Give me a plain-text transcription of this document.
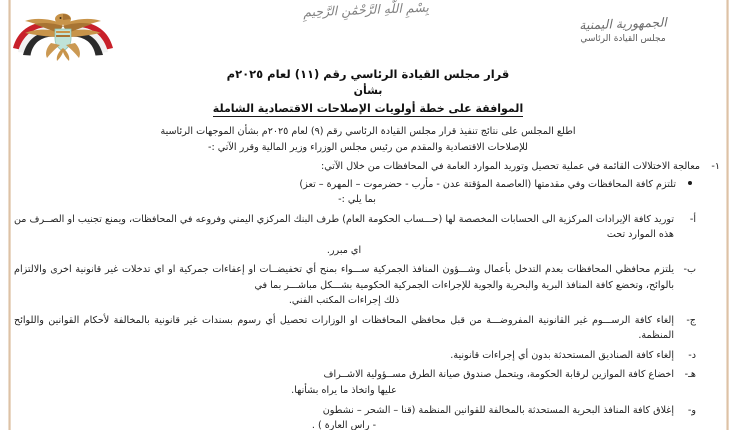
بِسْمِ اللَّهِ الرَّحْمَٰنِ الرَّحِيمِ
الجمهورية اليمنية
مجلس القيادة الرئاسي
قرار مجلس القيادة الرئاسي رقم (١١) لعام ٢٠٢٥م
بشأن
الموافقة على خطة أولويات الإصلاحات الاقتصادية الشاملة
اطلع المجلس على نتائج تنفيذ قرار مجلس القيادة الرئاسي رقم (٩) لعام ٢٠٢٥م بشأن الموجهات الرئاسية
للإصلاحات الاقتصادية والمقدم من رئيس مجلس الوزراء وزير المالية وقرر الآتي :-
١-
معالجة الاختلالات القائمة في عملية تحصيل وتوريد الموارد العامة في المحافظات من خلال الآتي:
تلتزم كافة المحافظات وفي مقدمتها (العاصمة المؤقتة عدن - مأرب - حضرموت – المهرة – تعز)
بما يلي :-
أ-
توريد كافة الإيرادات المركزية الى الحسابات المخصصة لها (حـــساب الحكومة العام) طرف البنك المركزي اليمني وفروعه في المحافظات، ويمنع تجنيب او الصــرف من هذه الموارد تحت
اي مبرر.
ب-
يلتزم محافظي المحافظات بعدم التدخل بأعمال وشـــؤون المنافذ الجمركية ســـواء بمنح أي تخفيضــات او إعفاءات جمركية او اي تدخلات غير قانونية اخرى والالتزام بالوائح، وتخضع كافة المنافذ البرية والبحرية والجوية للإجراءات الجمركية الحكومية بشـــكل مباشـــر بما في
ذلك إجراءات المكتب الفني.
ج-
إلغاء كافة الرســـوم غير القانونية المفروضـــة من قبل محافظي المحافظات او الوزارات تحصيل أي رسوم بسندات غير قانونية بالمخالفة لأحكام القوانين واللوائح المنظمة.
د-
إلغاء كافة الصناديق المستحدثة بدون أي إجراءات قانونية.
هـ-
اخضاع كافة الموازين لرقابة الحكومة، ويتحمل صندوق صيانة الطرق مســؤولية الاشــراف
عليها واتخاذ ما يراه بشأنها.
و-
إغلاق كافة المنافذ البحرية المستحدثة بالمخالفة للقوانين المنظمة (قنا – الشحر – نشطون
- راس العارة ) .
